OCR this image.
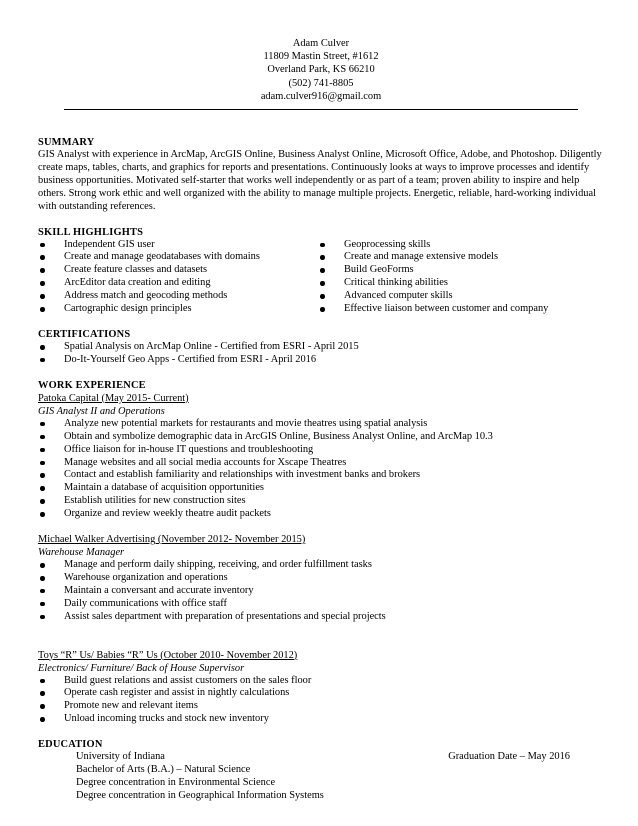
Adam Culver
11809 Mastin Street, #1612
Overland Park, KS 66210
(502) 741-8805
adam.culver916@gmail.com
SUMMARY

GIS Analyst with experience in ArcMap, ArcGIS Online, Business Analyst Online, Microsoft Office, Adobe, and Photoshop. Diligently create maps, tables, charts, and graphics for reports and presentations. Continuously looks at ways to improve processes and identify business opportunities. Motivated self-starter that works well independently or as part of a team; proven ability to inspire and help others. Strong work ethic and well organized with the ability to manage multiple projects. Energetic, reliable, hard-working individual with outstanding references.

SKILL HIGHLIGHTS
Independent GIS user
Create and manage geodatabases with domains
Create feature classes and datasets
ArcEditor data creation and editing
Address match and geocoding methods
Cartographic design principles
Geoprocessing skills
Create and manage extensive models
Build GeoForms
Critical thinking abilities
Advanced computer skills
Effective liaison between customer and company
CERTIFICATIONS
Spatial Analysis on ArcMap Online - Certified from ESRI - April 2015
Do-It-Yourself Geo Apps - Certified from ESRI - April 2016
WORK EXPERIENCE
Patoka Capital (May 2015- Current)
GIS Analyst II and Operations
Analyze new potential markets for restaurants and movie theatres using spatial analysis
Obtain and symbolize demographic data in ArcGIS Online, Business Analyst Online, and ArcMap 10.3
Office liaison for in-house IT questions and troubleshooting
Manage websites and all social media accounts for Xscape Theatres
Contact and establish familiarity and relationships with investment banks and brokers
Maintain a database of acquisition opportunities
Establish utilities for new construction sites
Organize and review weekly theatre audit packets
Michael Walker Advertising (November 2012- November 2015)
Warehouse Manager
Manage and perform daily shipping, receiving, and order fulfillment tasks
Warehouse organization and operations
Maintain a conversant and accurate inventory
Daily communications with office staff
Assist sales department with preparation of presentations and special projects
Toys “R” Us/ Babies “R” Us (October 2010- November 2012)
Electronics/ Furniture/ Back of House Supervisor
Build guest relations and assist customers on the sales floor
Operate cash register and assist in nightly calculations
Promote new and relevant items
Unload incoming trucks and stock new inventory
EDUCATION
University of Indiana	Graduation Date – May 2016
Bachelor of Arts (B.A.) – Natural Science
Degree concentration in Environmental Science
Degree concentration in Geographical Information Systems
